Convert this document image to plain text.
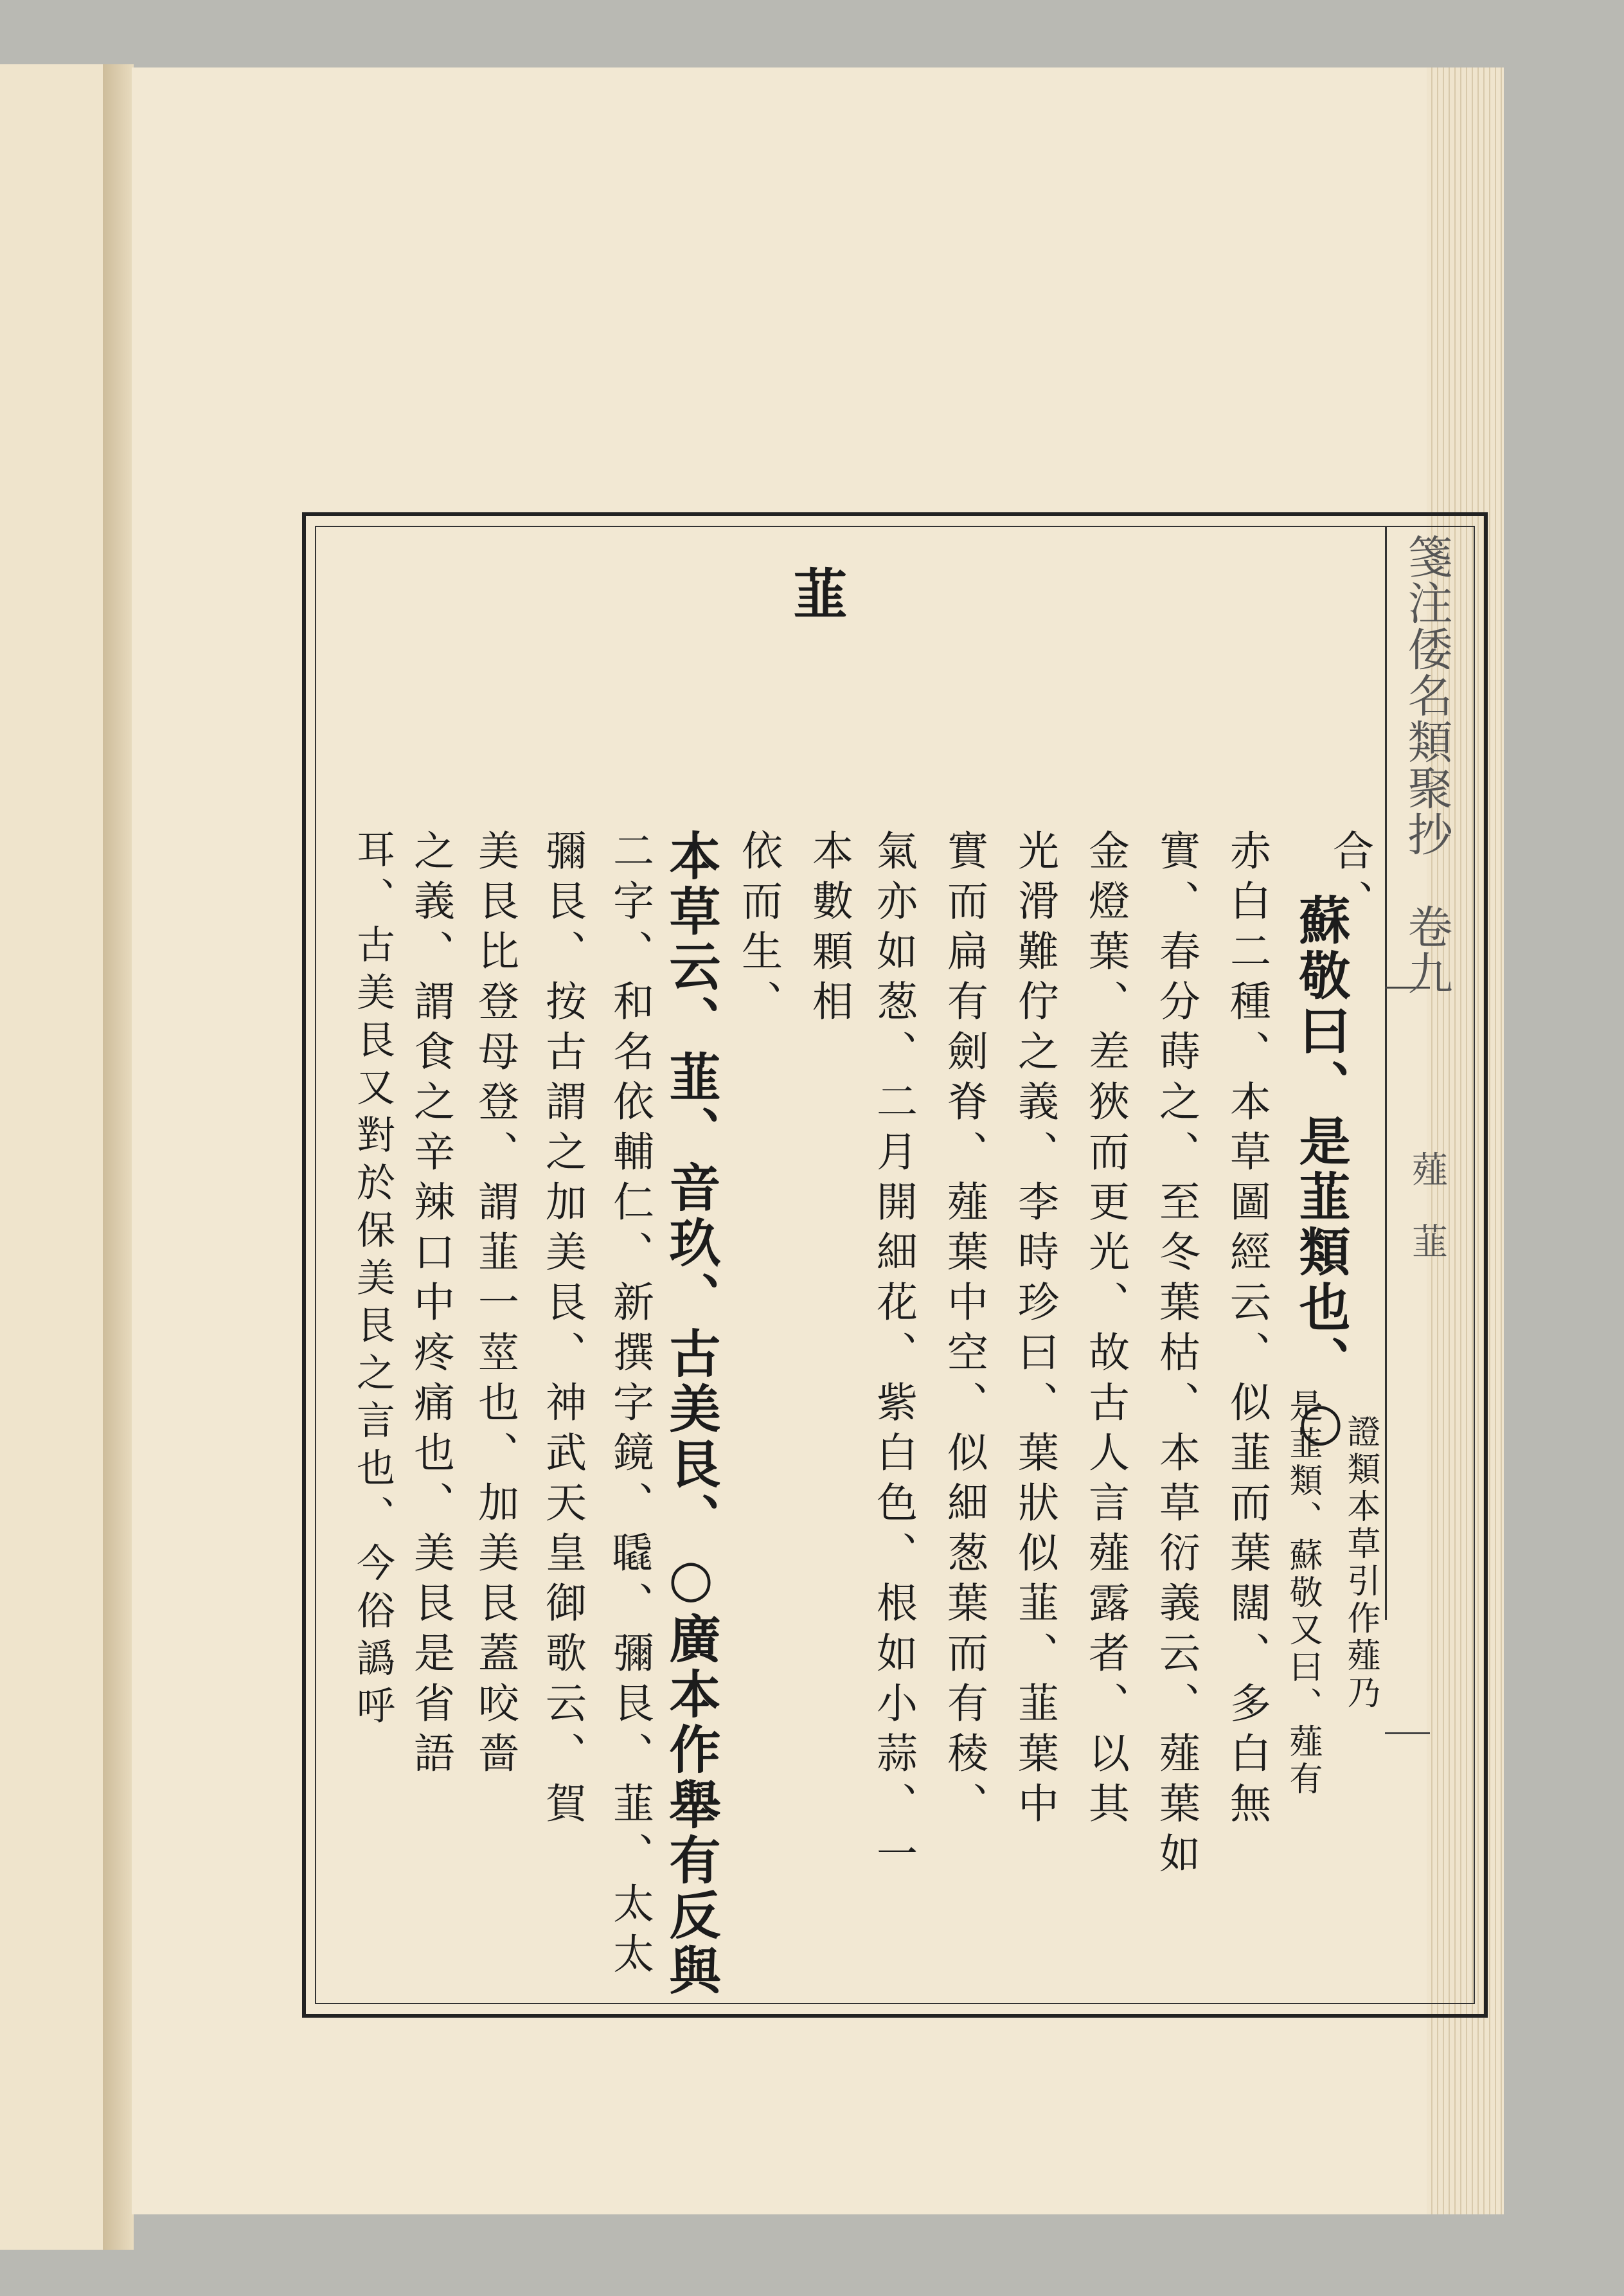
箋注倭名類聚抄　卷九
薤　韮
韮
合、
蘇敬曰、是韮類也、○
證類本草引作薤乃
是韮類、蘇敬又曰、薤有
赤白二種、本草圖經云、似韮而葉闊、多白無
實、春分蒔之、至冬葉枯、本草衍義云、薤葉如
金燈葉、差狹而更光、故古人言薤露者、以其
光滑難佇之義、李時珍曰、葉狀似韮、韮葉中
實而扁有劍脊、薤葉中空、似細葱葉而有稜、
氣亦如葱、二月開細花、紫白色、根如小蒜、一
本數顆相
依而生、
本草云、韮、音玖、古美艮、○廣本作舉有反與
二字、和名依輔仁、新撰字鏡、𦗨、彌艮、韮、太太
彌艮、按古謂之加美艮、神武天皇御歌云、賀
美艮比登母登、謂韮一莖也、加美艮蓋咬嗇
之義、謂食之辛辣口中疼痛也、美艮是省語
耳、古美艮又對於保美艮之言也、今俗譌呼
